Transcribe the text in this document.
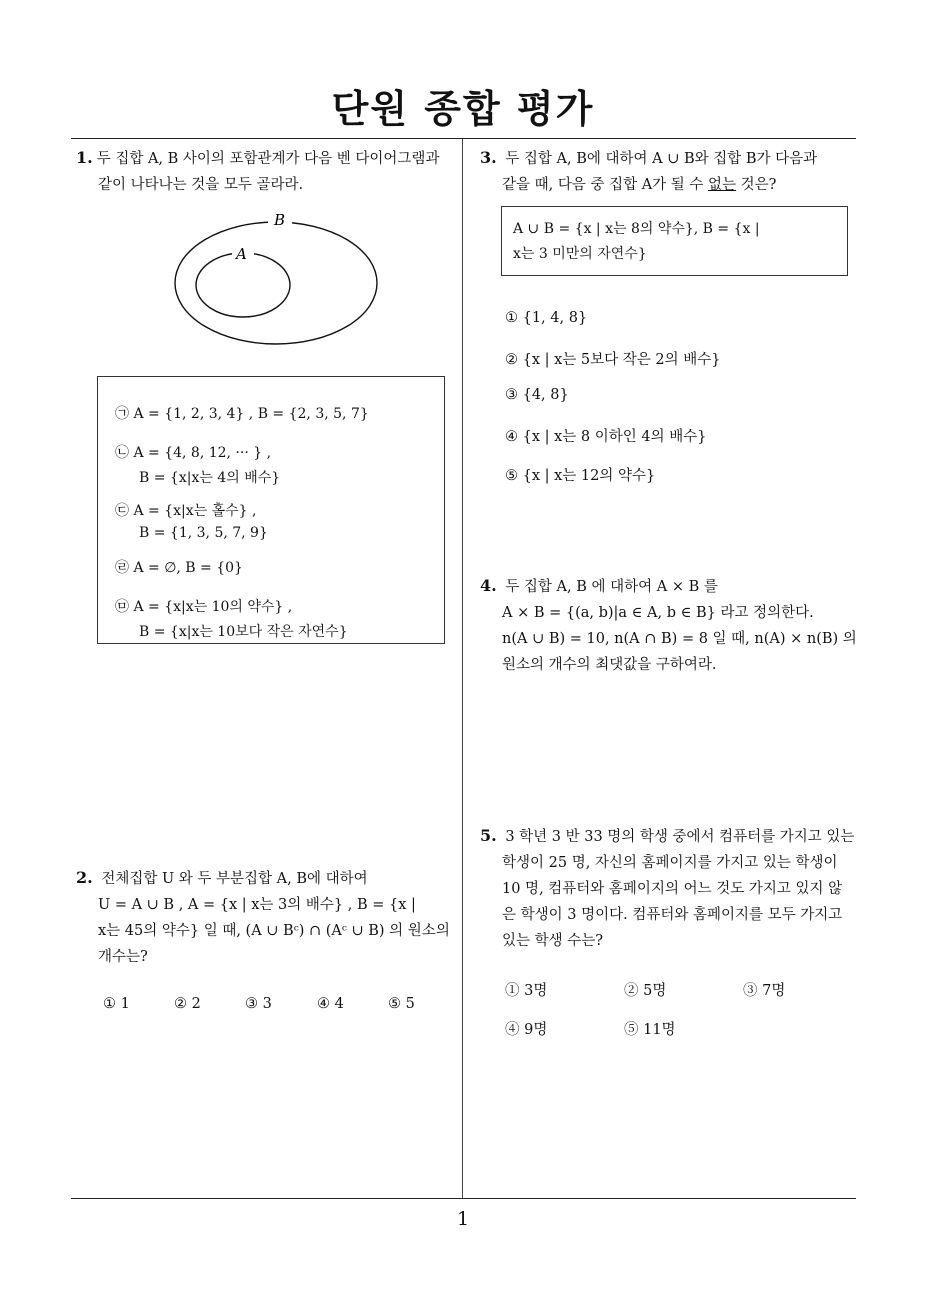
단원 종합 평가

1. 두 집합 A, B 사이의 포함관계가 다음 벤 다이어그램과

같이 나타나는 것을 모두 골라라.

B
A
㉠ A = {1, 2, 3, 4} , B = {2, 3, 5, 7}
㉡ A = {4, 8, 12, ··· } ,
B = {x|x는 4의 배수}
㉢ A = {x|x는 홀수} ,
B = {1, 3, 5, 7, 9}
㉣ A = ∅, B = {0}
㉤ A = {x|x는 10의 약수} ,
B = {x|x는 10보다 작은 자연수}

2. 전체집합 U 와 두 부분집합 A, B에 대하여

U = A ∪ B , A = {x | x는 3의 배수} , B = {x |

x는 45의 약수} 일 때, (A ∪ Bᶜ) ∩ (Aᶜ ∪ B) 의 원소의

개수는?

① 1	② 2	③ 3	④ 4	⑤ 5

3. 두 집합 A, B에 대하여 A ∪ B와 집합 B가 다음과

같을 때, 다음 중 집합 A가 될 수 없는 것은?

A ∪ B = {x | x는 8의 약수}, B = {x |
x는 3 미만의 자연수}
① {1, 4, 8}
② {x | x는 5보다 작은 2의 배수}
③ {4, 8}
④ {x | x는 8 이하인 4의 배수}
⑤ {x | x는 12의 약수}

4. 두 집합 A, B 에 대하여 A × B 를

A × B = {(a, b)|a ∈ A, b ∈ B} 라고 정의한다.

n(A ∪ B) = 10, n(A ∩ B) = 8 일 때, n(A) × n(B) 의

원소의 개수의 최댓값을 구하여라.

5. 3 학년 3 반 33 명의 학생 중에서 컴퓨터를 가지고 있는

학생이 25 명, 자신의 홈페이지를 가지고 있는 학생이

10 명, 컴퓨터와 홈페이지의 어느 것도 가지고 있지 않

은 학생이 3 명이다. 컴퓨터와 홈페이지를 모두 가지고

있는 학생 수는?

① 3명	② 5명	③ 7명
④ 9명	⑤ 11명
1
